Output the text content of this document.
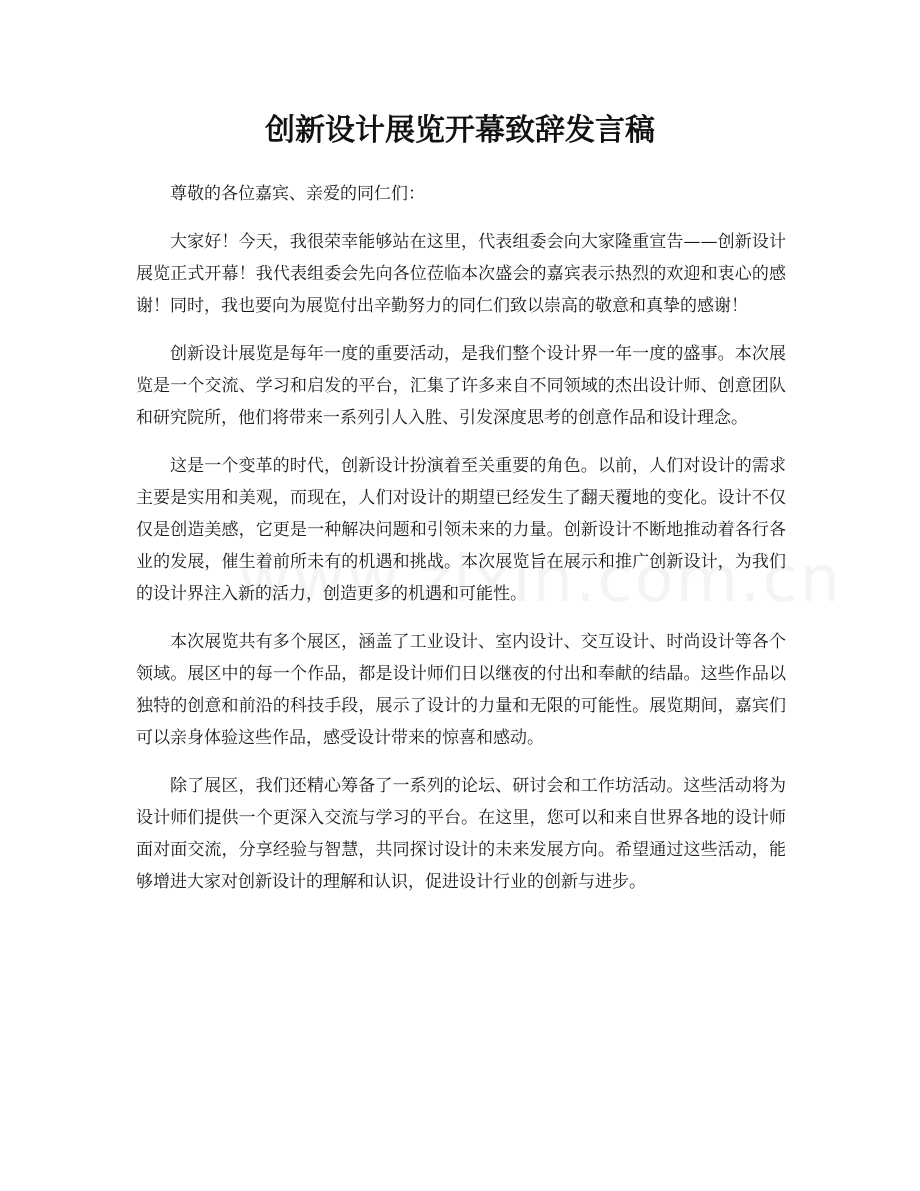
创新设计展览开幕致辞发言稿

尊敬的各位嘉宾、亲爱的同仁们：

大家好！今天，我很荣幸能够站在这里，代表组委会向大家隆重宣告——创新设计展览正式开幕！我代表组委会先向各位莅临本次盛会的嘉宾表示热烈的欢迎和衷心的感谢！同时，我也要向为展览付出辛勤努力的同仁们致以崇高的敬意和真挚的感谢！

创新设计展览是每年一度的重要活动，是我们整个设计界一年一度的盛事。本次展览是一个交流、学习和启发的平台，汇集了许多来自不同领域的杰出设计师、创意团队和研究院所，他们将带来一系列引人入胜、引发深度思考的创意作品和设计理念。

这是一个变革的时代，创新设计扮演着至关重要的角色。以前，人们对设计的需求主要是实用和美观，而现在，人们对设计的期望已经发生了翻天覆地的变化。设计不仅仅是创造美感，它更是一种解决问题和引领未来的力量。创新设计不断地推动着各行各业的发展，催生着前所未有的机遇和挑战。本次展览旨在展示和推广创新设计，为我们的设计界注入新的活力，创造更多的机遇和可能性。

本次展览共有多个展区，涵盖了工业设计、室内设计、交互设计、时尚设计等各个领域。展区中的每一个作品，都是设计师们日以继夜的付出和奉献的结晶。这些作品以独特的创意和前沿的科技手段，展示了设计的力量和无限的可能性。展览期间，嘉宾们可以亲身体验这些作品，感受设计带来的惊喜和感动。

除了展区，我们还精心筹备了一系列的论坛、研讨会和工作坊活动。这些活动将为设计师们提供一个更深入交流与学习的平台。在这里，您可以和来自世界各地的设计师面对面交流，分享经验与智慧，共同探讨设计的未来发展方向。希望通过这些活动，能够增进大家对创新设计的理解和认识，促进设计行业的创新与进步。
